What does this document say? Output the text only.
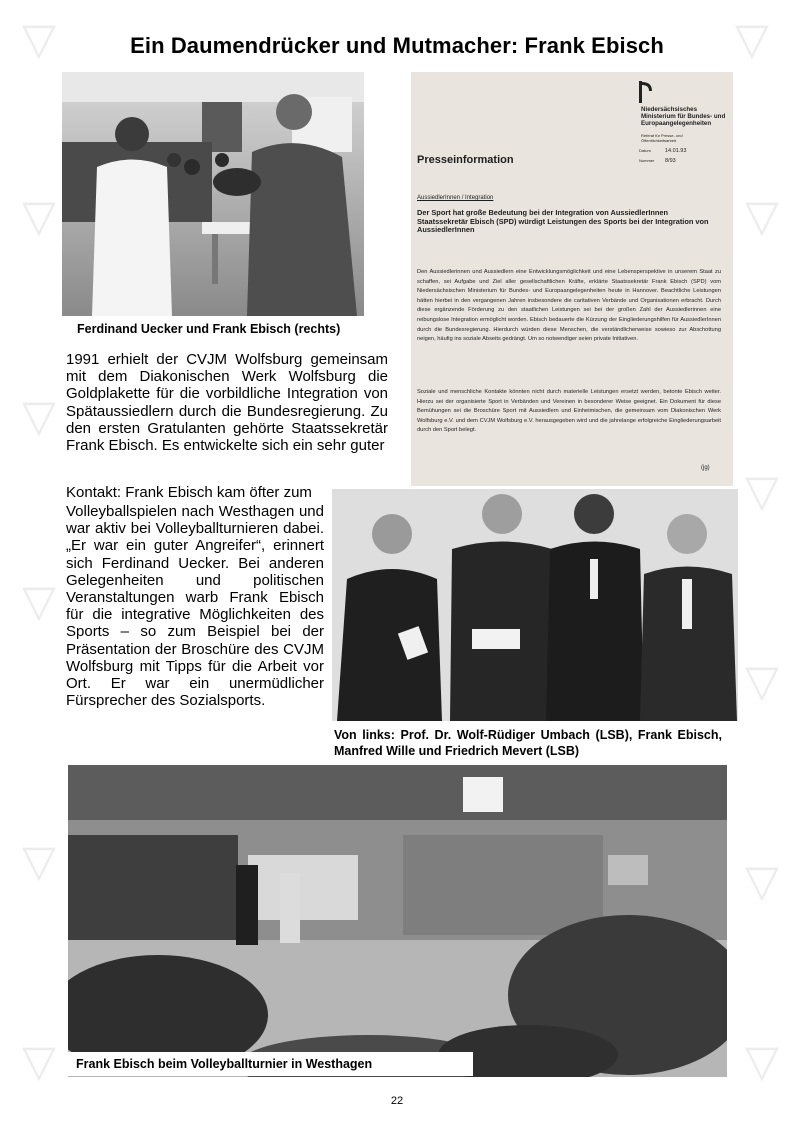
▽	▽
▽	▽
▽
▽
▽
▽
▽	▽
▽	▽
Ein Daumendrücker und Mutmacher: Frank Ebisch
Ferdinand Uecker und Frank Ebisch (rechts)
Niedersächsisches Ministerium für Bundes- und Europaangelegenheiten
Referat für Presse- und Öffentlichkeitsarbeit
Presseinformation
Datum	14.01.93
Nummer 8/93
AussiedlerInnen / Integration
Der Sport hat große Bedeutung bei der Integration von AussiedlerInnen Staatssekretär Ebisch (SPD) würdigt Leistungen des Sports bei der Integration von AussiedlerInnen
Den Aussiedlerinnen und Aussiedlern eine Entwicklungsmöglichkeit und eine Lebensperspektive in unserem Staat zu schaffen, sei Aufgabe und Ziel aller gesellschaftlichen Kräfte, erklärte Staatssekretär Frank Ebisch (SPD) vom Niedersächsischen Ministerium für Bundes- und Europaangelegenheiten heute in Hannover. Beachtliche Leistungen hätten hierbei in den vergangenen Jahren insbesondere die caritativen Verbände und Organisationen erbracht. Durch diese ergänzende Förderung zu den staatlichen Leistungen sei bei der großen Zahl der Aussiedlerinnen eine reibungslose Integration ermöglicht worden. Ebisch bedauerte die Kürzung der Eingliederungshilfen für AussiedlerInnen durch die Bundesregierung. Hierdurch würden diese Menschen, die verständlicherweise sowieso zur Abschottung neigen, häufig ins soziale Abseits gedrängt. Um so notwendiger seien private Initiativen.
Soziale und menschliche Kontakte könnten nicht durch materielle Leistungen ersetzt werden, betonte Ebisch weiter. Hierzu sei der organisierte Sport in Verbänden und Vereinen in besonderer Weise geeignet. Ein Dokument für diese Bemühungen sei die Broschüre Sport mit Aussiedlern und Einheimischen, die gemeinsam vom Diakonischen Werk Wolfsburg e.V. und dem CVJM Wolfsburg e.V. herausgegeben wird und die jahrelange erfolgreiche Eingliederungsarbeit durch den Sport belegt.
(jg)
1991 erhielt der CVJM Wolfsburg gemeinsam mit dem Diakonischen Werk Wolfsburg die Goldplakette für die vorbildliche Integration von Spätaussiedlern durch die Bundesregierung. Zu den ersten Gratulanten gehörte Staatssekretär Frank Ebisch. Es entwickelte sich ein sehr guter
Kontakt: Frank Ebisch kam öfter zum
Volleyballspielen nach Westhagen und war aktiv bei Volleyballturnieren dabei. „Er war ein guter Angreifer“, erinnert sich Ferdinand Uecker. Bei anderen Gelegenheiten und politischen Veranstaltungen warb Frank Ebisch für die integrative Möglichkeiten des Sports – so zum Beispiel bei der Präsentation der Broschüre des CVJM Wolfsburg mit Tipps für die Arbeit vor Ort. Er war ein unermüdlicher Fürsprecher des Sozialsports.
Von links: Prof. Dr. Wolf-Rüdiger Umbach (LSB), Frank Ebisch, Manfred Wille und Friedrich Mevert (LSB)
Frank Ebisch beim Volleyballturnier in Westhagen
22
